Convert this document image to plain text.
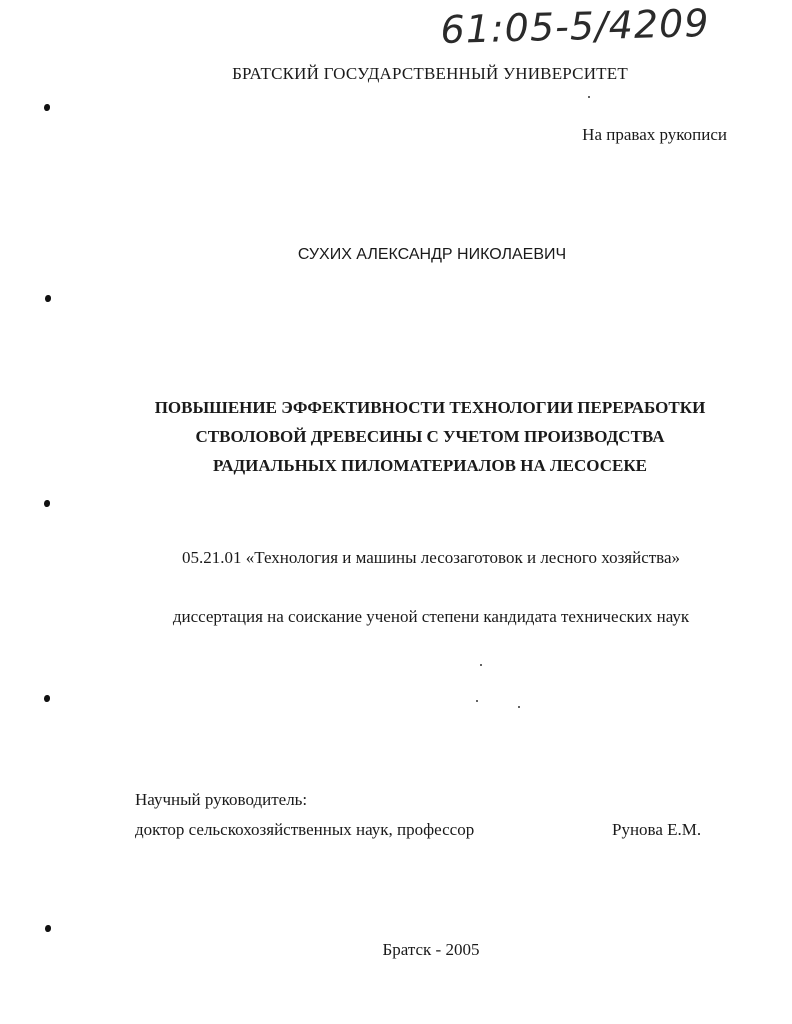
61:05-5/4209
БРАТСКИЙ ГОСУДАРСТВЕННЫЙ УНИВЕРСИТЕТ
На правах рукописи
СУХИХ АЛЕКСАНДР НИКОЛАЕВИЧ
ПОВЫШЕНИЕ ЭФФЕКТИВНОСТИ ТЕХНОЛОГИИ ПЕРЕРАБОТКИ
СТВОЛОВОЙ ДРЕВЕСИНЫ С УЧЕТОМ ПРОИЗВОДСТВА
РАДИАЛЬНЫХ ПИЛОМАТЕРИАЛОВ НА ЛЕСОСЕКЕ
05.21.01 «Технология и машины лесозаготовок и лесного хозяйства»
диссертация на соискание ученой степени кандидата технических наук
Научный руководитель:
доктор сельскохозяйственных наук, профессор	Рунова Е.М.
Братск - 2005
